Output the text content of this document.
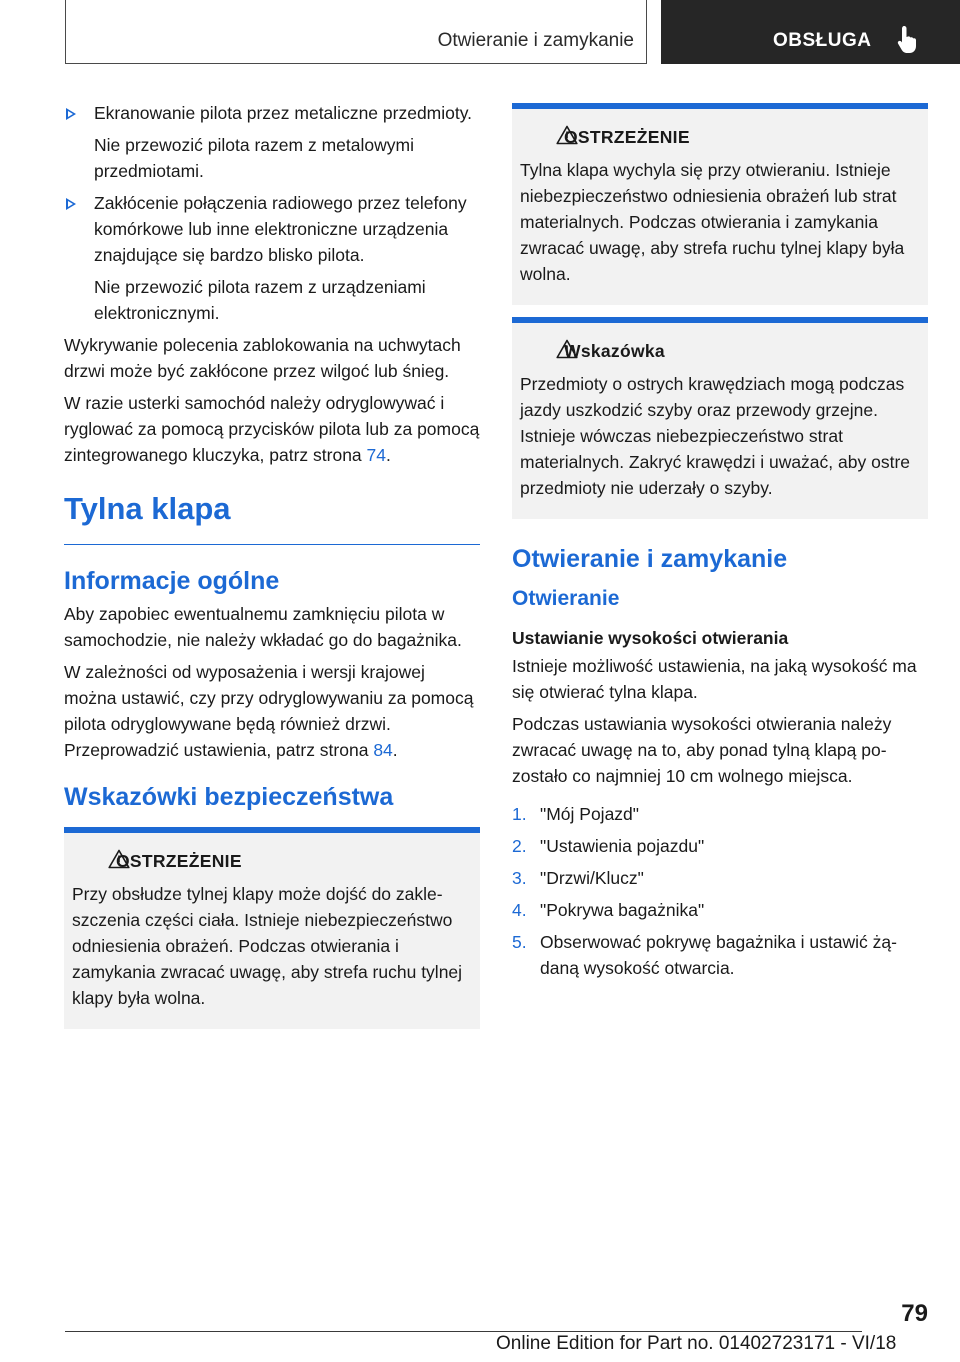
Otwieranie i zamykanie	OBSŁUGA
Ekranowanie pilota przez metaliczne przedmioty.
Nie przewozić pilota razem z metalowymi przedmiotami.
Zakłócenie połączenia radiowego przez telefony komórkowe lub inne elektroniczne urządzenia znajdujące się bardzo blisko pilota.
Nie przewozić pilota razem z urządzeniami elektronicznymi.

Wykrywanie polecenia zablokowania na uchwytach drzwi może być zakłócone przez wilgoć lub śnieg.

W razie usterki samochód należy odryglowywać i ryglować za pomocą przycisków pilota lub za pomocą zintegrowanego kluczyka, patrz strona 74.

Tylna klapa
Informacje ogólne

Aby zapobiec ewentualnemu zamknięciu pilota w samochodzie, nie należy wkładać go do bagażnika.

W zależności od wyposażenia i wersji krajowej można ustawić, czy przy odryglowywaniu za pomocą pilota odryglowywane będą również drzwi. Przeprowadzić ustawienia, patrz strona 84.

Wskazówki bezpieczeństwa
OSTRZEŻENIE

Przy obsłudze tylnej klapy może dojść do zakleszczenia części ciała. Istnieje niebezpieczeństwo odniesienia obrażeń. Podczas otwierania i zamykania zwracać uwagę, aby strefa ruchu tylnej klapy była wolna.

OSTRZEŻENIE

Tylna klapa wychyla się przy otwieraniu. Istnieje niebezpieczeństwo odniesienia obrażeń lub strat materialnych. Podczas otwierania i zamykania zwracać uwagę, aby strefa ruchu tylnej klapy była wolna.

Wskazówka

Przedmioty o ostrych krawędziach mogą podczas jazdy uszkodzić szyby oraz przewody grzejne. Istnieje wówczas niebezpieczeństwo strat materialnych. Zakryć krawędzi i uważać, aby ostre przedmioty nie uderzały o szyby.

Otwieranie i zamykanie
Otwieranie
Ustawianie wysokości otwierania

Istnieje możliwość ustawienia, na jaką wysokość ma się otwierać tylna klapa.

Podczas ustawiania wysokości otwierania należy zwracać uwagę na to, aby ponad tylną klapą pozostało co najmniej 10 cm wolnego miejsca.

1. "Mój Pojazd"
2. "Ustawienia pojazdu"
3. "Drzwi/Klucz"
4. "Pokrywa bagażnika"
5. Obserwować pokrywę bagażnika i ustawić żądaną wysokość otwarcia.
79
Online Edition for Part no. 01402723171 - VI/18
